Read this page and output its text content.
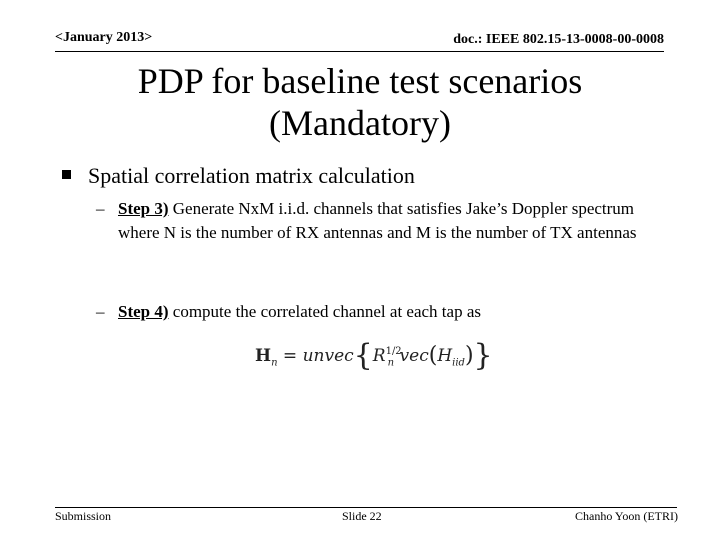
<January 2013>	doc.: IEEE 802.15-13-0008-00-0008
PDP for baseline test scenarios
(Mandatory)
Spatial correlation matrix calculation
– Step 3) Generate NxM i.i.d. channels that satisfies Jake’s Doppler spectrum where N is the number of RX antennas and M is the number of TX antennas
– Step 4) compute the correlated channel at each tap as
$H_n$ = $unvec\{R^{1/2}_n$ $vec(H_{iid})$}
Submission	Slide 22	Chanho Yoon (ETRI)
